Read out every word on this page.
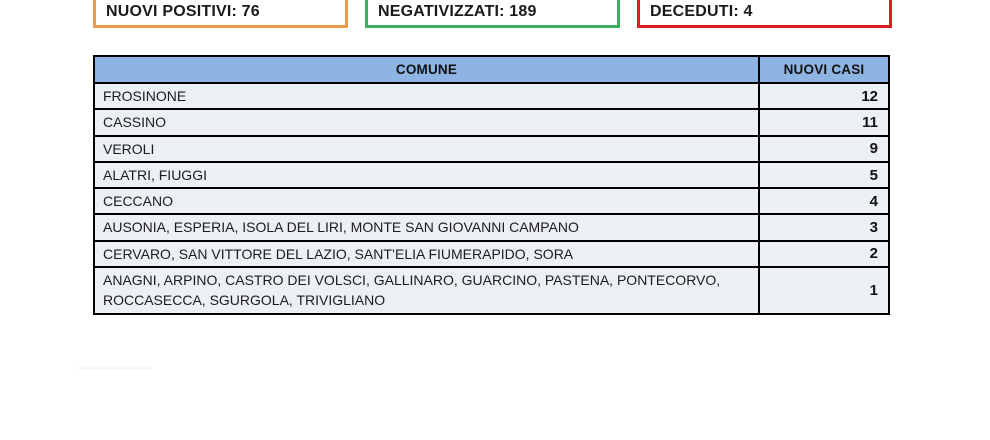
NUOVI POSITIVI: 76	NEGATIVIZZATI: 189	DECEDUTI: 4
COMUNE	NUOVI CASI
FROSINONE	12
CASSINO	11
VEROLI	9
ALATRI, FIUGGI	5
CECCANO	4
AUSONIA, ESPERIA, ISOLA DEL LIRI, MONTE SAN GIOVANNI CAMPANO	3
CERVARO, SAN VITTORE DEL LAZIO, SANT’ELIA FIUMERAPIDO, SORA	2
ANAGNI, ARPINO, CASTRO DEI VOLSCI, GALLINARO, GUARCINO, PASTENA, PONTECORVO, ROCCASECCA, SGURGOLA, TRIVIGLIANO	1
